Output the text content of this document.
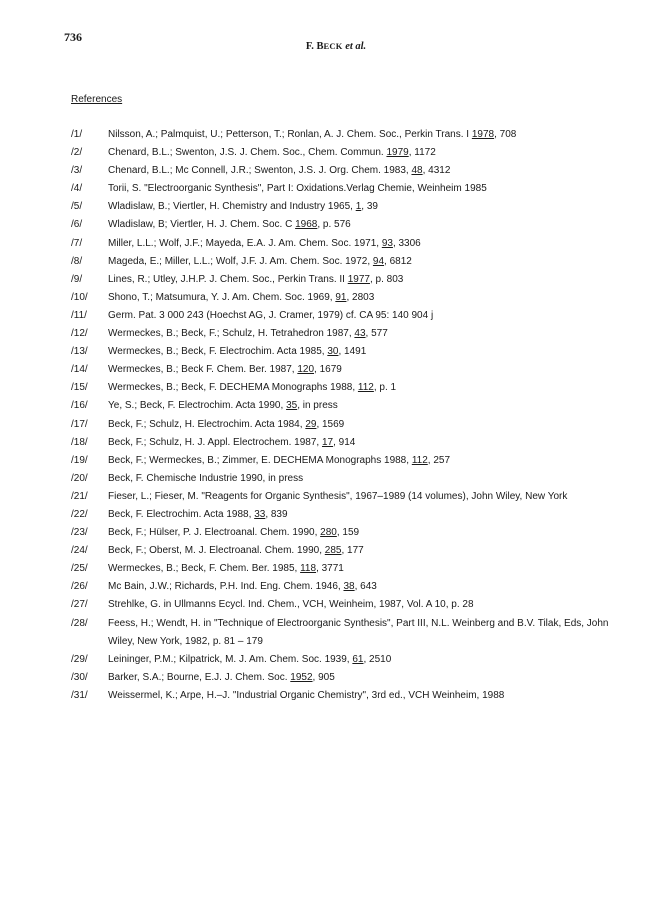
736
F. BECK et al.
References
/1/	Nilsson, A.; Palmquist, U.; Petterson, T.; Ronlan, A. J. Chem. Soc., Perkin Trans. I 1978, 708
/2/	Chenard, B.L.; Swenton, J.S. J. Chem. Soc., Chem. Commun. 1979, 1172
/3/	Chenard, B.L.; Mc Connell, J.R.; Swenton, J.S. J. Org. Chem. 1983, 48, 4312
/4/	Torii, S. "Electroorganic Synthesis", Part I: Oxidations.Verlag Chemie, Weinheim 1985
/5/	Wladislaw, B.; Viertler, H. Chemistry and Industry 1965, 1, 39
/6/	Wladislaw, B; Viertler, H. J. Chem. Soc. C 1968, p. 576
/7/	Miller, L.L.; Wolf, J.F.; Mayeda, E.A. J. Am. Chem. Soc. 1971, 93, 3306
/8/	Mageda, E.; Miller, L.L.; Wolf, J.F. J. Am. Chem. Soc. 1972, 94, 6812
/9/	Lines, R.; Utley, J.H.P. J. Chem. Soc., Perkin Trans. II 1977, p. 803
/10/	Shono, T.; Matsumura, Y. J. Am. Chem. Soc. 1969, 91, 2803
/11/	Germ. Pat. 3 000 243 (Hoechst AG, J. Cramer, 1979) cf. CA 95: 140 904 j
/12/	Wermeckes, B.; Beck, F.; Schulz, H. Tetrahedron 1987, 43, 577
/13/	Wermeckes, B.; Beck, F. Electrochim. Acta 1985, 30, 1491
/14/	Wermeckes, B.; Beck F. Chem. Ber. 1987, 120, 1679
/15/	Wermeckes, B.; Beck, F. DECHEMA Monographs 1988, 112, p. 1
/16/	Ye, S.; Beck, F. Electrochim. Acta 1990, 35, in press
/17/	Beck, F.; Schulz, H. Electrochim. Acta 1984, 29, 1569
/18/	Beck, F.; Schulz, H. J. Appl. Electrochem. 1987, 17, 914
/19/	Beck, F.; Wermeckes, B.; Zimmer, E. DECHEMA Monographs 1988, 112, 257
/20/	Beck, F. Chemische Industrie 1990, in press
/21/	Fieser, L.; Fieser, M. "Reagents for Organic Synthesis", 1967–1989 (14 volumes), John Wiley, New York
/22/	Beck, F. Electrochim. Acta 1988, 33, 839
/23/	Beck, F.; Hülser, P. J. Electroanal. Chem. 1990, 280, 159
/24/	Beck, F.; Oberst, M. J. Electroanal. Chem. 1990, 285, 177
/25/	Wermeckes, B.; Beck, F. Chem. Ber. 1985, 118, 3771
/26/	Mc Bain, J.W.; Richards, P.H. Ind. Eng. Chem. 1946, 38, 643
/27/	Strehlke, G. in Ullmanns Ecycl. Ind. Chem., VCH, Weinheim, 1987, Vol. A 10, p. 28
/28/	Feess, H.; Wendt, H. in "Technique of Electroorganic Synthesis", Part III, N.L. Weinberg and B.V. Tilak, Eds, John Wiley, New York, 1982, p. 81 – 179
/29/	Leininger, P.M.; Kilpatrick, M. J. Am. Chem. Soc. 1939, 61, 2510
/30/	Barker, S.A.; Bourne, E.J. J. Chem. Soc. 1952, 905
/31/	Weissermel, K.; Arpe, H.–J. "Industrial Organic Chemistry", 3rd ed., VCH Weinheim, 1988
